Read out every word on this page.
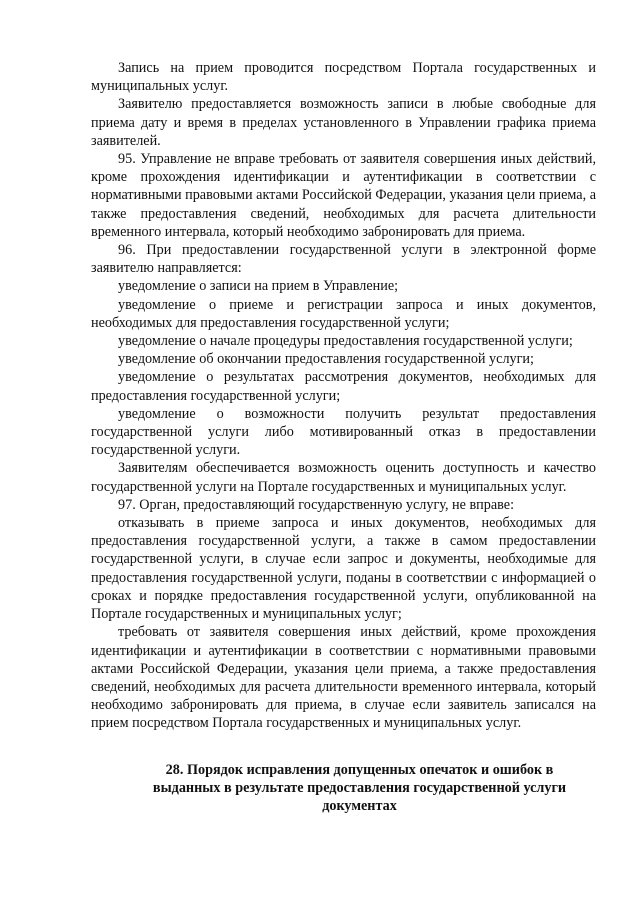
Запись на прием проводится посредством Портала государственных и муниципальных услуг.

Заявителю предоставляется возможность записи в любые свободные для приема дату и время в пределах установленного в Управлении графика приема заявителей.

95. Управление не вправе требовать от заявителя совершения иных действий, кроме прохождения идентификации и аутентификации в соответствии с нормативными правовыми актами Российской Федерации, указания цели приема, а также предоставления сведений, необходимых для расчета длительности временного интервала, который необходимо забронировать для приема.

96. При предоставлении государственной услуги в электронной форме заявителю направляется:

уведомление о записи на прием в Управление;

уведомление о приеме и регистрации запроса и иных документов, необходимых для предоставления государственной услуги;

уведомление о начале процедуры предоставления государственной услуги;

уведомление об окончании предоставления государственной услуги;

уведомление о результатах рассмотрения документов, необходимых для предоставления государственной услуги;

уведомление о возможности получить результат предоставления государственной услуги либо мотивированный отказ в предоставлении государственной услуги.

Заявителям обеспечивается возможность оценить доступность и качество государственной услуги на Портале государственных и муниципальных услуг.

97. Орган, предоставляющий государственную услугу, не вправе:

отказывать в приеме запроса и иных документов, необходимых для предоставления государственной услуги, а также в самом предоставлении государственной услуги, в случае если запрос и документы, необходимые для предоставления государственной услуги, поданы в соответствии с информацией о сроках и порядке предоставления государственной услуги, опубликованной на Портале государственных и муниципальных услуг;

требовать от заявителя совершения иных действий, кроме прохождения идентификации и аутентификации в соответствии с нормативными правовыми актами Российской Федерации, указания цели приема, а также предоставления сведений, необходимых для расчета длительности временного интервала, который необходимо забронировать для приема, в случае если заявитель записался на прием посредством Портала государственных и муниципальных услуг.

28. Порядок исправления допущенных опечаток и ошибок в выданных в результате предоставления государственной услуги документах
